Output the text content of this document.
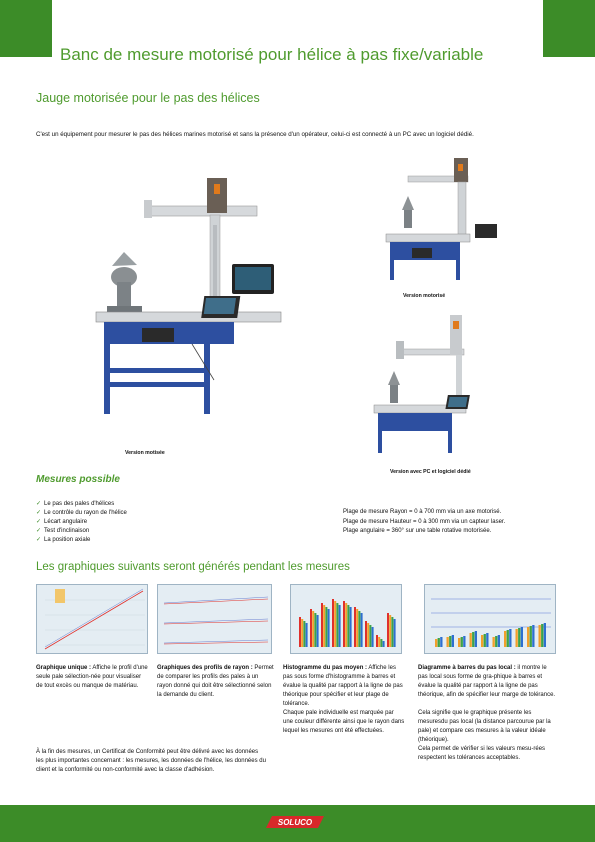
Banc de mesure motorisé pour hélice à pas fixe/variable
Jauge motorisée pour le pas des hélices
C'est un équipement pour mesurer le pas des hélices marines motorisé et sans la présence d'un opérateur, celui-ci est connecté à un PC avec un logiciel dédié.
Version motisée
Version motorisé
Version avec PC et logiciel dédié
Mesures possible
✓ Le pas des pales d'hélices
✓ Le contrôle du rayon de l'hélice
✓ Lécart angulaire
✓ Test d'inclinaison
✓ La position axiale
Plage de mesure Rayon = 0 à 700 mm via un axe motorisé.
Plage de mesure Hauteur = 0 à 300 mm via un capteur laser.
Plage angulaire = 360° sur une table rotative motorisée.
Les graphiques suivants seront générés pendant les mesures
Graphique unique : Affiche le profil d'une seule pale sélection-née pour visualiser de tout excès ou manque de matériau.
Graphiques des profils de rayon : Permet de comparer les profils des pales à un rayon donné qui doit être sélectionné selon la demande du client.
Histogramme du pas moyen : Affiche les pas sous forme d'histogramme à barres et évalue la qualité par rapport à la ligne de pas théorique pour spécifier et leur plage de tolérance.
Chaque pale individuelle est marquée par une couleur différente ainsi que le rayon dans lequel les mesures ont été effectuées.
Diagramme à barres du pas local : il montre le pas local sous forme de gra-phique à barres et évalue la qualité par rapport à la ligne de pas théorique, afin de spécifier leur marge de tolérance.
Cela signifie que le graphique présente les mesuresdu pas local (la distance parcourue par la pale) et compare ces mesures à la valeur idéale (théorique).
Cela permet de vérifier si les valeurs mesu-rées respectent les tolérances acceptables.
À la fin des mesures, un Certificat de Conformité peut être délivré avec les données les plus importantes concernant : les mesures, les données de l'hélice, les données du client et la conformité ou non-conformité avec la classe d'adhésion.
SOLUCO
